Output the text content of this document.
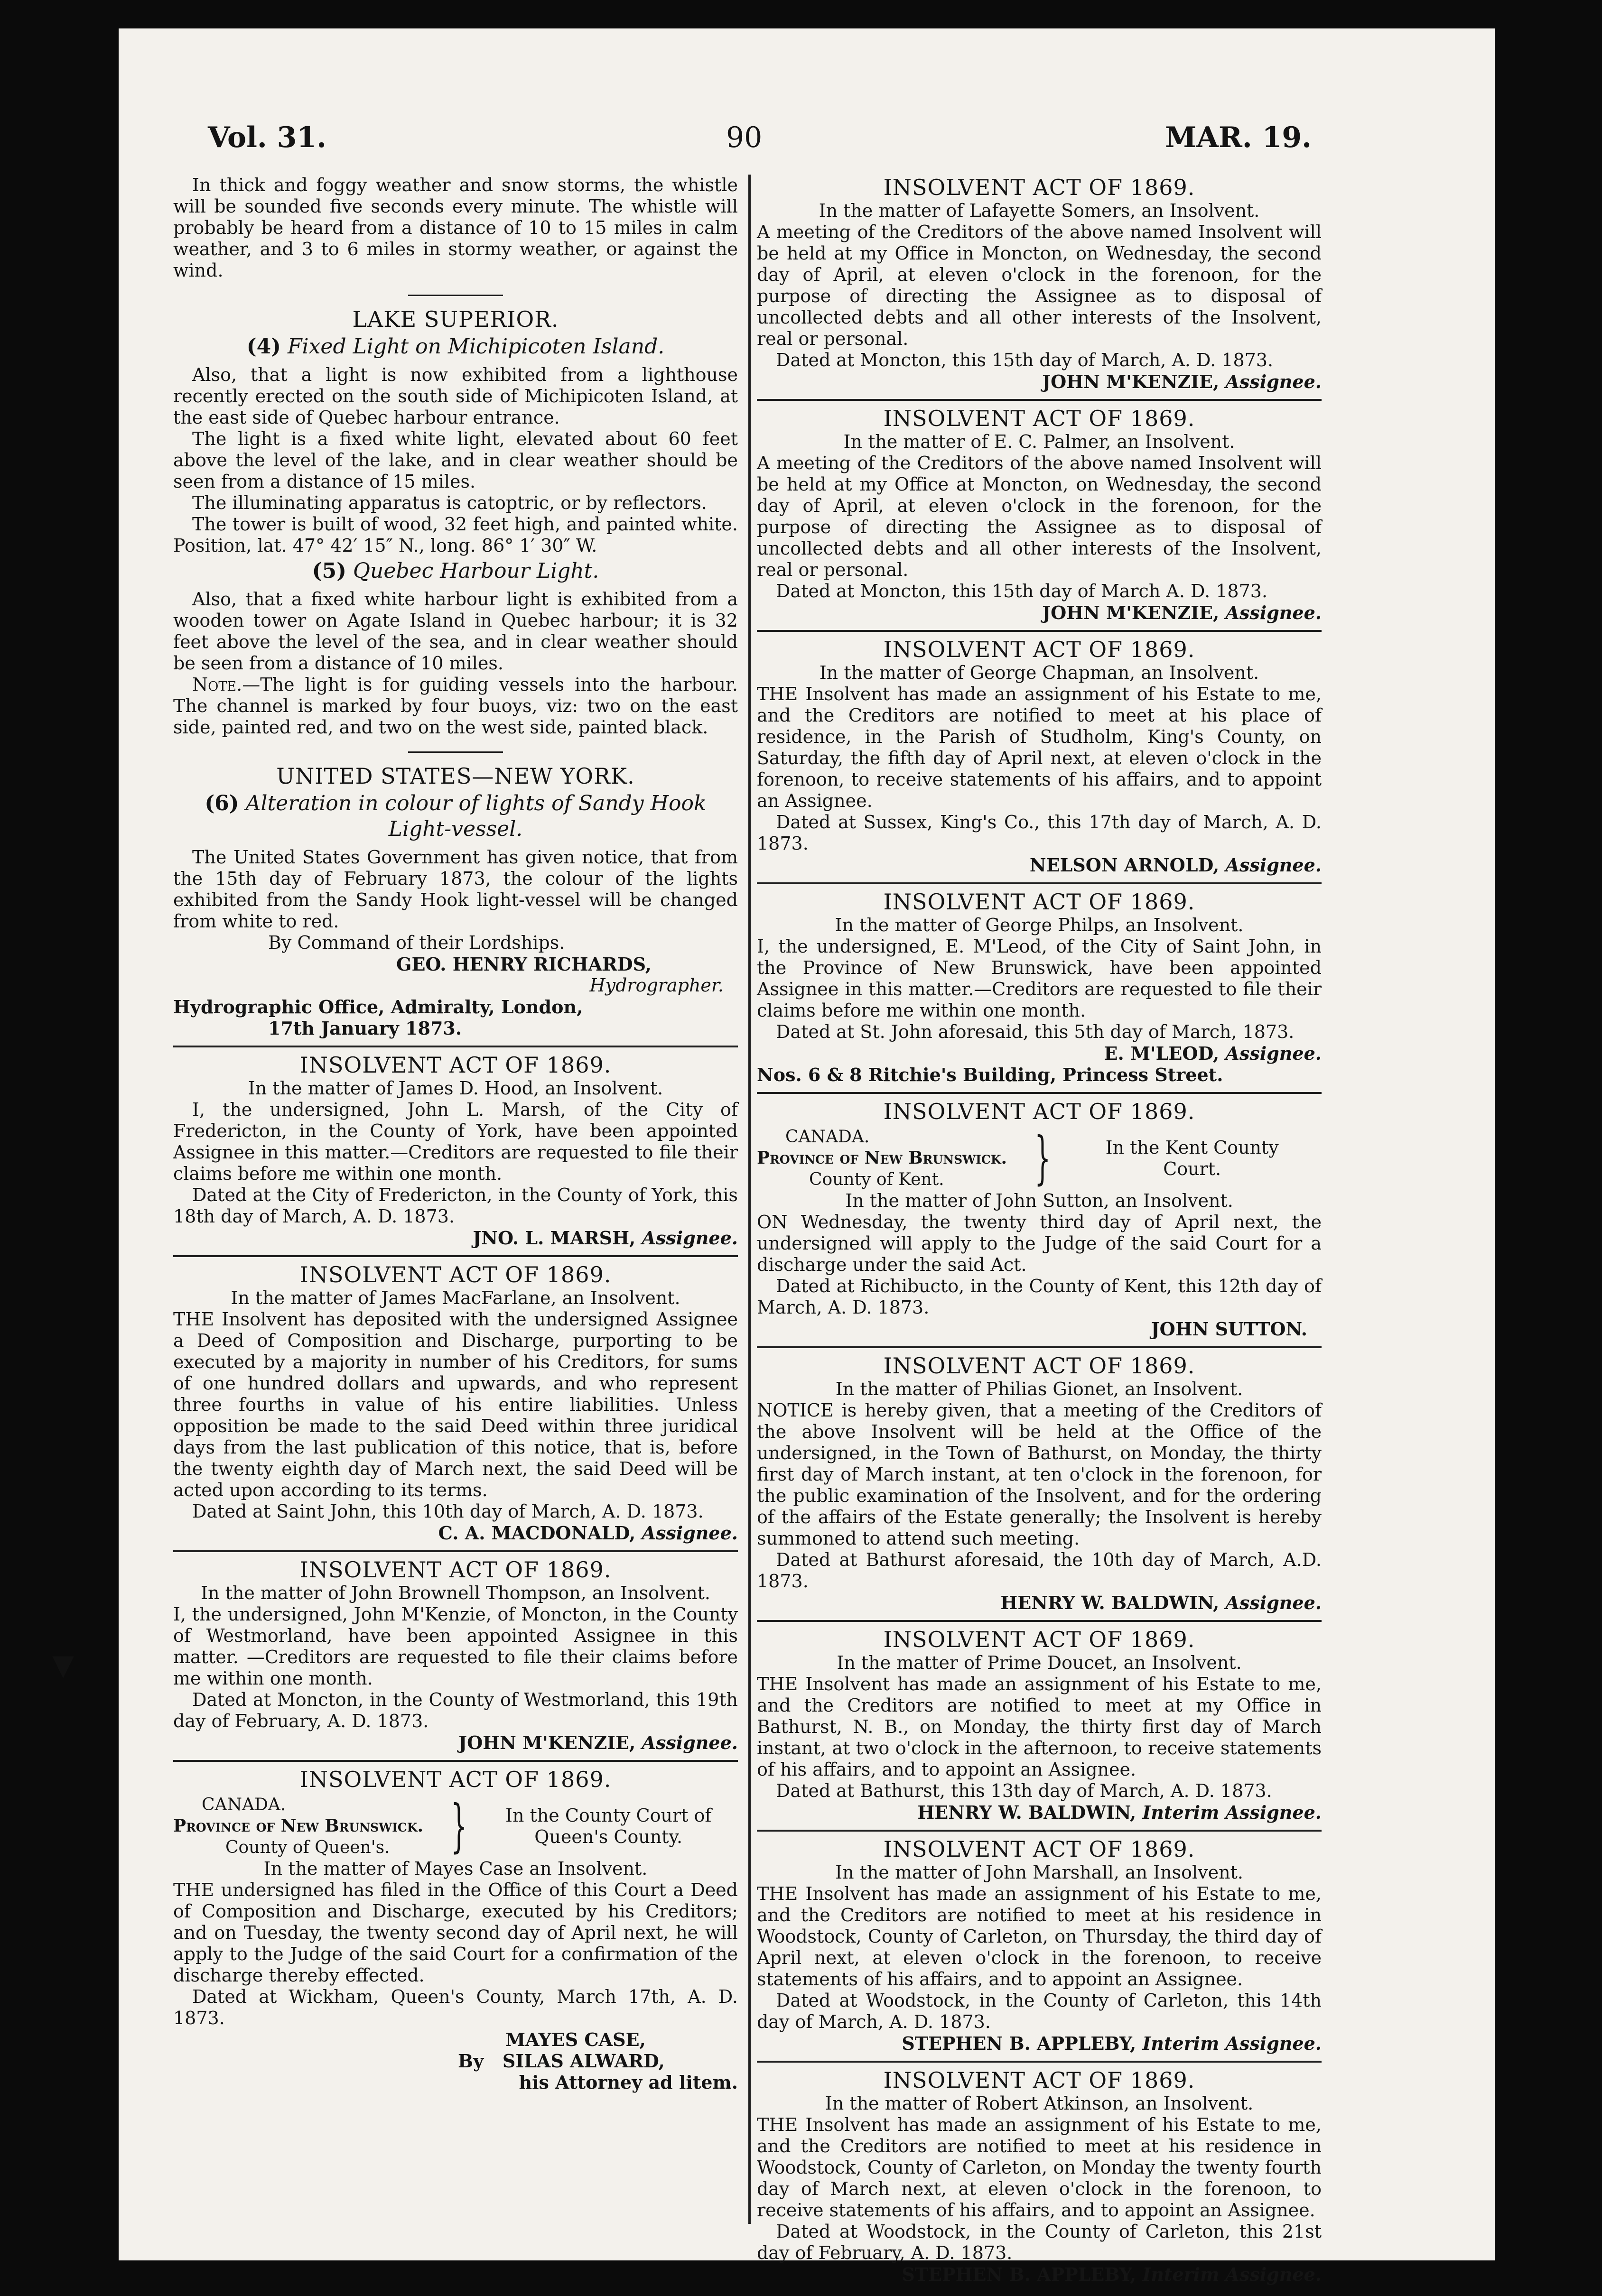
Vol. 31.	90	MAR. 19.
▼

In thick and foggy weather and snow storms, the whistle will be sounded five seconds every minute. The whistle will probably be heard from a distance of 10 to 15 miles in calm weather, and 3 to 6 miles in stormy weather, or against the wind.

LAKE SUPERIOR.

(4) Fixed Light on Michipicoten Island.

Also, that a light is now exhibited from a lighthouse recently erected on the south side of Michipicoten Island, at the east side of Quebec harbour entrance.

The light is a fixed white light, elevated about 60 feet above the level of the lake, and in clear weather should be seen from a distance of 15 miles.

The illuminating apparatus is catoptric, or by reflectors.

The tower is built of wood, 32 feet high, and painted white. Position, lat. 47° 42′ 15″ N., long. 86° 1′ 30″ W.

(5) Quebec Harbour Light.

Also, that a fixed white harbour light is exhibited from a wooden tower on Agate Island in Quebec harbour; it is 32 feet above the level of the sea, and in clear weather should be seen from a distance of 10 miles.

Note.—The light is for guiding vessels into the harbour. The channel is marked by four buoys, viz: two on the east side, painted red, and two on the west side, painted black.

UNITED STATES—NEW YORK.

(6) Alteration in colour of lights of Sandy Hook Light-vessel.

The United States Government has given notice, that from the 15th day of February 1873, the colour of the lights exhibited from the Sandy Hook light-vessel will be changed from white to red.

By Command of their Lordships.

GEO. HENRY RICHARDS,

Hydrographer.

Hydrographic Office, Admiralty, London,

17th January 1873.

INSOLVENT ACT OF 1869.

In the matter of James D. Hood, an Insolvent.

I, the undersigned, John L. Marsh, of the City of Fredericton, in the County of York, have been appointed Assignee in this matter.—Creditors are requested to file their claims before me within one month.

Dated at the City of Fredericton, in the County of York, this 18th day of March, A. D. 1873.

JNO. L. MARSH, Assignee.

INSOLVENT ACT OF 1869.

In the matter of James MacFarlane, an Insolvent.

THE Insolvent has deposited with the undersigned Assignee a Deed of Composition and Discharge, purporting to be executed by a majority in number of his Creditors, for sums of one hundred dollars and upwards, and who represent three fourths in value of his entire liabilities. Unless opposition be made to the said Deed within three juridical days from the last publication of this notice, that is, before the twenty eighth day of March next, the said Deed will be acted upon according to its terms.

Dated at Saint John, this 10th day of March, A. D. 1873.

C. A. MACDONALD, Assignee.

INSOLVENT ACT OF 1869.

In the matter of John Brownell Thompson, an Insolvent.

I, the undersigned, John M'Kenzie, of Moncton, in the County of Westmorland, have been appointed Assignee in this matter. —Creditors are requested to file their claims before me within one month.

Dated at Moncton, in the County of Westmorland, this 19th day of February, A. D. 1873.

JOHN M'KENZIE, Assignee.

INSOLVENT ACT OF 1869.

CANADA.
Province of New Brunswick.
County of Queen's.	}	In the County Court of
Queen's County.

In the matter of Mayes Case an Insolvent.

THE undersigned has filed in the Office of this Court a Deed of Composition and Discharge, executed by his Creditors; and on Tuesday, the twenty second day of April next, he will apply to the Judge of the said Court for a confirmation of the discharge thereby effected.

Dated at Wickham, Queen's County, March 17th, A. D. 1873.

MAYES CASE,

By SILAS ALWARD,

his Attorney ad litem.

INSOLVENT ACT OF 1869.

In the matter of Lafayette Somers, an Insolvent.

A meeting of the Creditors of the above named Insolvent will be held at my Office in Moncton, on Wednesday, the second day of April, at eleven o'clock in the forenoon, for the purpose of directing the Assignee as to disposal of uncollected debts and all other interests of the Insolvent, real or personal.

Dated at Moncton, this 15th day of March, A. D. 1873.

JOHN M'KENZIE, Assignee.

INSOLVENT ACT OF 1869.

In the matter of E. C. Palmer, an Insolvent.

A meeting of the Creditors of the above named Insolvent will be held at my Office at Moncton, on Wednesday, the second day of April, at eleven o'clock in the forenoon, for the purpose of directing the Assignee as to disposal of uncollected debts and all other interests of the Insolvent, real or personal.

Dated at Moncton, this 15th day of March A. D. 1873.

JOHN M'KENZIE, Assignee.

INSOLVENT ACT OF 1869.

In the matter of George Chapman, an Insolvent.

THE Insolvent has made an assignment of his Estate to me, and the Creditors are notified to meet at his place of residence, in the Parish of Studholm, King's County, on Saturday, the fifth day of April next, at eleven o'clock in the forenoon, to receive statements of his affairs, and to appoint an Assignee.

Dated at Sussex, King's Co., this 17th day of March, A. D. 1873.

NELSON ARNOLD, Assignee.

INSOLVENT ACT OF 1869.

In the matter of George Philps, an Insolvent.

I, the undersigned, E. M'Leod, of the City of Saint John, in the Province of New Brunswick, have been appointed Assignee in this matter.—Creditors are requested to file their claims before me within one month.

Dated at St. John aforesaid, this 5th day of March, 1873.

E. M'LEOD, Assignee.

Nos. 6 & 8 Ritchie's Building, Princess Street.

INSOLVENT ACT OF 1869.

CANADA.
Province of New Brunswick.
County of Kent.	}	In the Kent County
Court.

In the matter of John Sutton, an Insolvent.

ON Wednesday, the twenty third day of April next, the undersigned will apply to the Judge of the said Court for a discharge under the said Act.

Dated at Richibucto, in the County of Kent, this 12th day of March, A. D. 1873.

JOHN SUTTON.

INSOLVENT ACT OF 1869.

In the matter of Philias Gionet, an Insolvent.

NOTICE is hereby given, that a meeting of the Creditors of the above Insolvent will be held at the Office of the undersigned, in the Town of Bathurst, on Monday, the thirty first day of March instant, at ten o'clock in the forenoon, for the public examination of the Insolvent, and for the ordering of the affairs of the Estate generally; the Insolvent is hereby summoned to attend such meeting.

Dated at Bathurst aforesaid, the 10th day of March, A.D. 1873.

HENRY W. BALDWIN, Assignee.

INSOLVENT ACT OF 1869.

In the matter of Prime Doucet, an Insolvent.

THE Insolvent has made an assignment of his Estate to me, and the Creditors are notified to meet at my Office in Bathurst, N. B., on Monday, the thirty first day of March instant, at two o'clock in the afternoon, to receive statements of his affairs, and to appoint an Assignee.

Dated at Bathurst, this 13th day of March, A. D. 1873.

HENRY W. BALDWIN, Interim Assignee.

INSOLVENT ACT OF 1869.

In the matter of John Marshall, an Insolvent.

THE Insolvent has made an assignment of his Estate to me, and the Creditors are notified to meet at his residence in Woodstock, County of Carleton, on Thursday, the third day of April next, at eleven o'clock in the forenoon, to receive statements of his affairs, and to appoint an Assignee.

Dated at Woodstock, in the County of Carleton, this 14th day of March, A. D. 1873.

STEPHEN B. APPLEBY, Interim Assignee.

INSOLVENT ACT OF 1869.

In the matter of Robert Atkinson, an Insolvent.

THE Insolvent has made an assignment of his Estate to me, and the Creditors are notified to meet at his residence in Woodstock, County of Carleton, on Monday the twenty fourth day of March next, at eleven o'clock in the forenoon, to receive statements of his affairs, and to appoint an Assignee.

Dated at Woodstock, in the County of Carleton, this 21st day of February, A. D. 1873.

STEPHEN B. APPLEBY, Interim Assignee.
